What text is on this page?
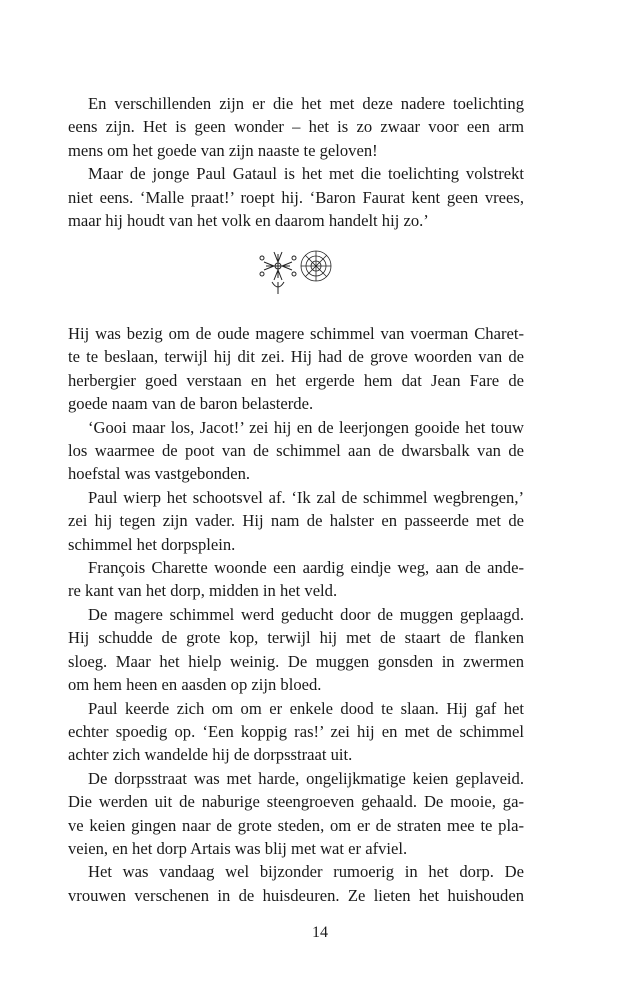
En verschillenden zijn er die het met deze nadere toelichting
eens zijn. Het is geen wonder – het is zo zwaar voor een arm
mens om het goede van zijn naaste te geloven!
Maar de jonge Paul Gataul is het met die toelichting volstrekt
niet eens. ‘Malle praat!’ roept hij. ‘Baron Faurat kent geen vrees,
maar hij houdt van het volk en daarom handelt hij zo.’
Hij was bezig om de oude magere schimmel van voerman Charet-
te te beslaan, terwijl hij dit zei. Hij had de grove woorden van de
herbergier goed verstaan en het ergerde hem dat Jean Fare de
goede naam van de baron belasterde.
‘Gooi maar los, Jacot!’ zei hij en de leerjongen gooide het touw
los waarmee de poot van de schimmel aan de dwarsbalk van de
hoefstal was vastgebonden.
Paul wierp het schootsvel af. ‘Ik zal de schimmel wegbrengen,’
zei hij tegen zijn vader. Hij nam de halster en passeerde met de
schimmel het dorpsplein.
François Charette woonde een aardig eindje weg, aan de ande-
re kant van het dorp, midden in het veld.
De magere schimmel werd geducht door de muggen geplaagd.
Hij schudde de grote kop, terwijl hij met de staart de flanken
sloeg. Maar het hielp weinig. De muggen gonsden in zwermen
om hem heen en aasden op zijn bloed.
Paul keerde zich om om er enkele dood te slaan. Hij gaf het
echter spoedig op. ‘Een koppig ras!’ zei hij en met de schimmel
achter zich wandelde hij de dorpsstraat uit.
De dorpsstraat was met harde, ongelijkmatige keien geplaveid.
Die werden uit de naburige steengroeven gehaald. De mooie, ga-
ve keien gingen naar de grote steden, om er de straten mee te pla-
veien, en het dorp Artais was blij met wat er afviel.
Het was vandaag wel bijzonder rumoerig in het dorp. De
vrouwen verschenen in de huisdeuren. Ze lieten het huishouden
14
